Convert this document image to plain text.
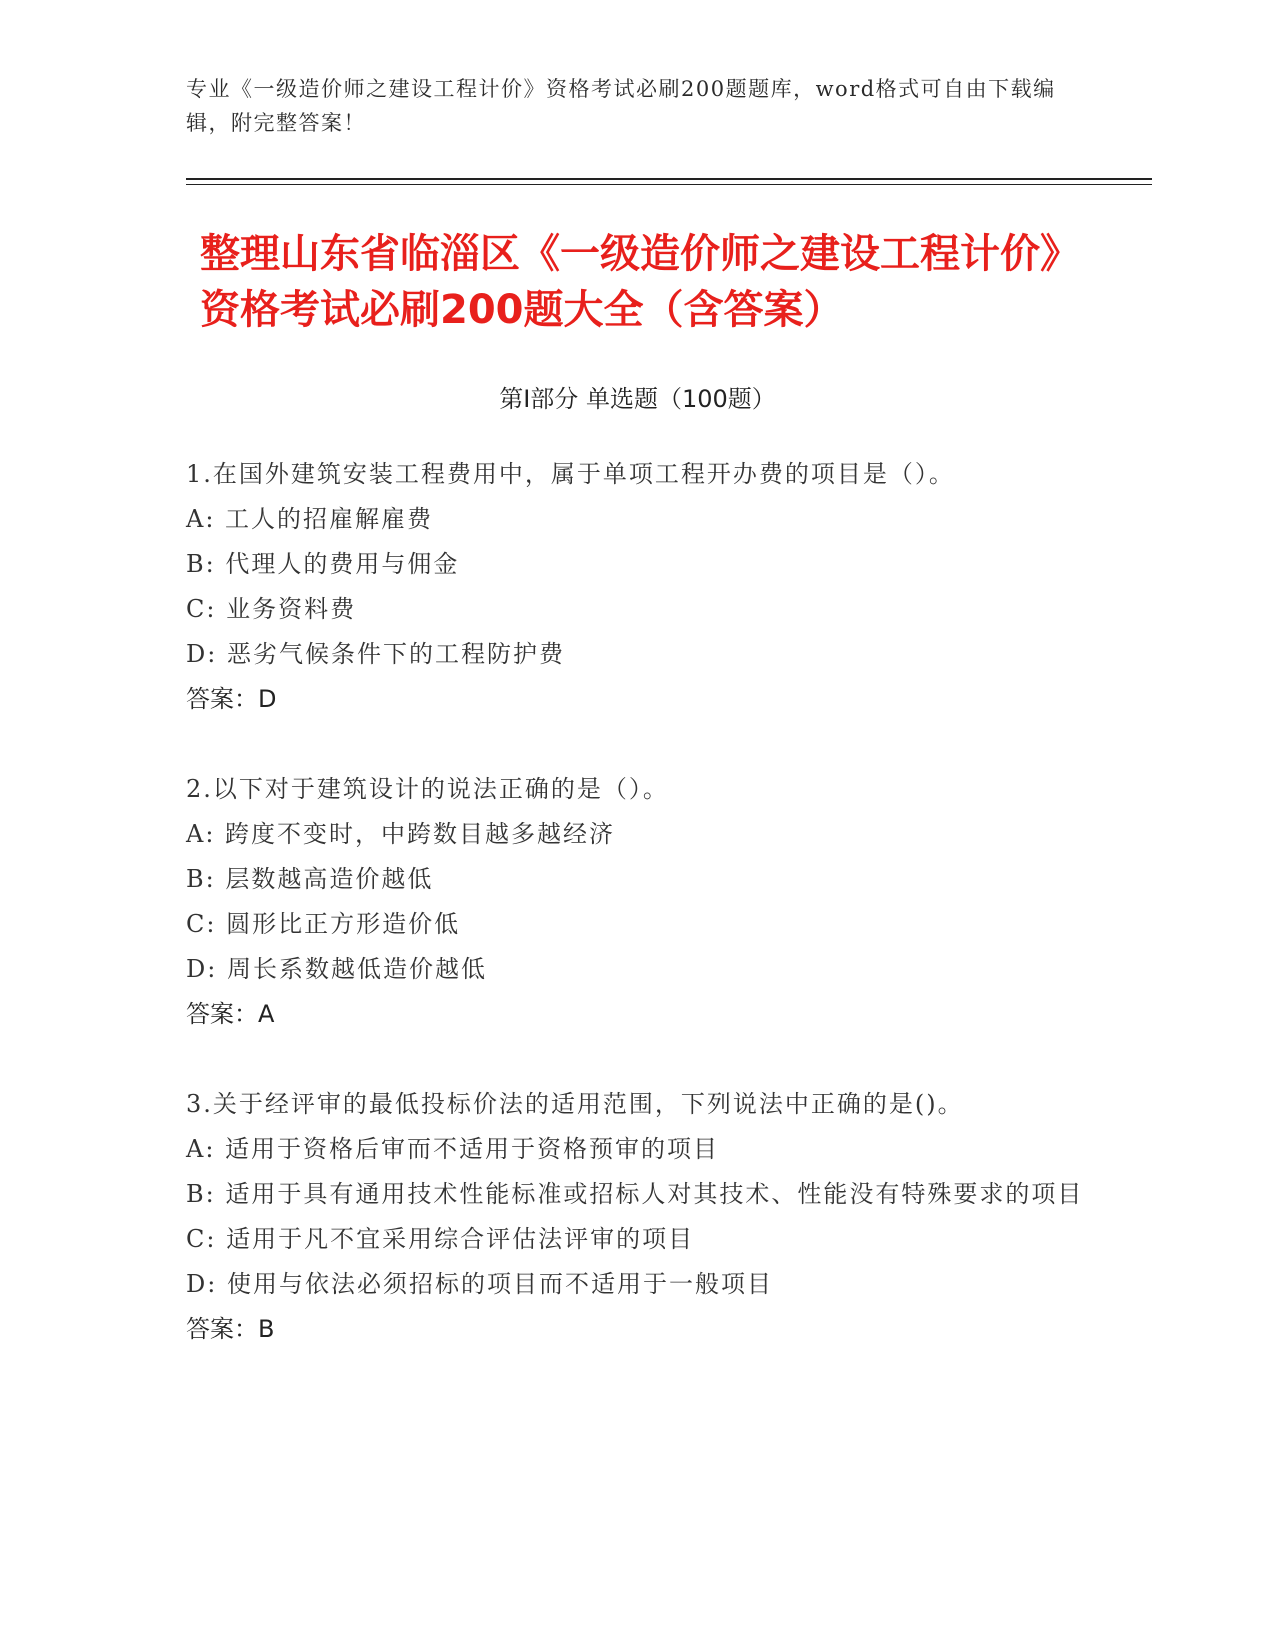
专业《一级造价师之建设工程计价》资格考试必刷200题题库，word格式可自由下载编辑，附完整答案！
整理山东省临淄区《一级造价师之建设工程计价》资格考试必刷200题大全（含答案）
第I部分 单选题（100题）

1.在国外建筑安装工程费用中，属于单项工程开办费的项目是（）。

A: 工人的招雇解雇费

B: 代理人的费用与佣金

C: 业务资料费

D: 恶劣气候条件下的工程防护费

答案：D

2.以下对于建筑设计的说法正确的是（）。

A: 跨度不变时，中跨数目越多越经济

B: 层数越高造价越低

C: 圆形比正方形造价低

D: 周长系数越低造价越低

答案：A

3.关于经评审的最低投标价法的适用范围，下列说法中正确的是()。

A: 适用于资格后审而不适用于资格预审的项目

B: 适用于具有通用技术性能标准或招标人对其技术、性能没有特殊要求的项目

C: 适用于凡不宜采用综合评估法评审的项目

D: 使用与依法必须招标的项目而不适用于一般项目

答案：B
